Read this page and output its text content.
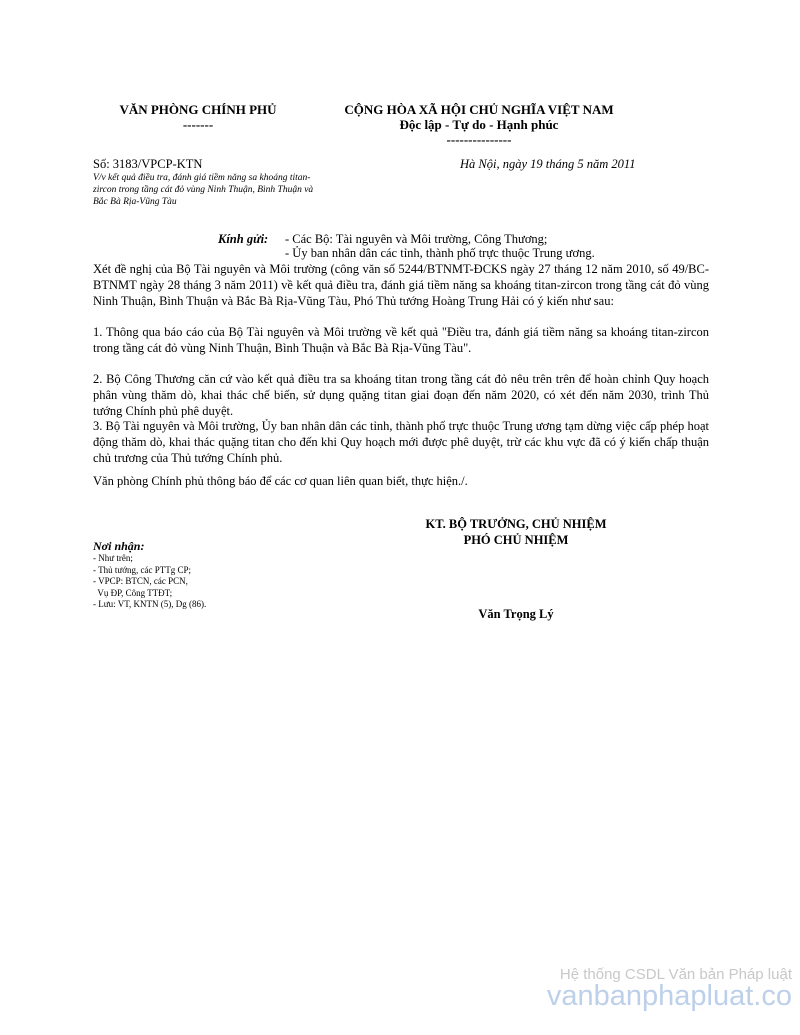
VĂN PHÒNG CHÍNH PHỦ
-------
CỘNG HÒA XÃ HỘI CHỦ NGHĨA VIỆT NAM
Độc lập - Tự do - Hạnh phúc
---------------
Số: 3183/VPCP-KTN
V/v kết quả điều tra, đánh giá tiềm năng sa khoáng titan-zircon trong tầng cát đỏ vùng Ninh Thuận, Bình Thuận và Bắc Bà Rịa-Vũng Tàu
Hà Nội, ngày 19 tháng 5 năm 2011
Kính gửi: - Các Bộ: Tài nguyên và Môi trường, Công Thương;
- Ủy ban nhân dân các tỉnh, thành phố trực thuộc Trung ương.
Xét đề nghị của Bộ Tài nguyên và Môi trường (công văn số 5244/BTNMT-ĐCKS ngày 27 tháng 12 năm 2010, số 49/BC-BTNMT ngày 28 tháng 3 năm 2011) về kết quả điều tra, đánh giá tiềm năng sa khoáng titan-zircon trong tầng cát đỏ vùng Ninh Thuận, Bình Thuận và Bắc Bà Rịa-Vũng Tàu, Phó Thủ tướng Hoàng Trung Hải có ý kiến như sau:
1. Thông qua báo cáo của Bộ Tài nguyên và Môi trường về kết quả "Điều tra, đánh giá tiềm năng sa khoáng titan-zircon trong tầng cát đỏ vùng Ninh Thuận, Bình Thuận và Bắc Bà Rịa-Vũng Tàu".
2. Bộ Công Thương căn cứ vào kết quả điều tra sa khoáng titan trong tầng cát đỏ nêu trên trên để hoàn chỉnh Quy hoạch phân vùng thăm dò, khai thác chế biến, sử dụng quặng titan giai đoạn đến năm 2020, có xét đến năm 2030, trình Thủ tướng Chính phủ phê duyệt.
3. Bộ Tài nguyên và Môi trường, Ủy ban nhân dân các tỉnh, thành phố trực thuộc Trung ương tạm dừng việc cấp phép hoạt động thăm dò, khai thác quặng titan cho đến khi Quy hoạch mới được phê duyệt, trừ các khu vực đã có ý kiến chấp thuận chủ trương của Thủ tướng Chính phủ.
Văn phòng Chính phủ thông báo để các cơ quan liên quan biết, thực hiện./.
KT. BỘ TRƯỞNG, CHỦ NHIỆM
PHÓ CHỦ NHIỆM
Văn Trọng Lý
Nơi nhận:
- Như trên;
- Thủ tướng, các PTTg CP;
- VPCP: BTCN, các PCN,
Vụ ĐP, Công TTĐT;
- Lưu: VT, KNTN (5), Dg (86).
Hệ thống CSDL Văn bản Pháp luật
vanbanphapluat.co
